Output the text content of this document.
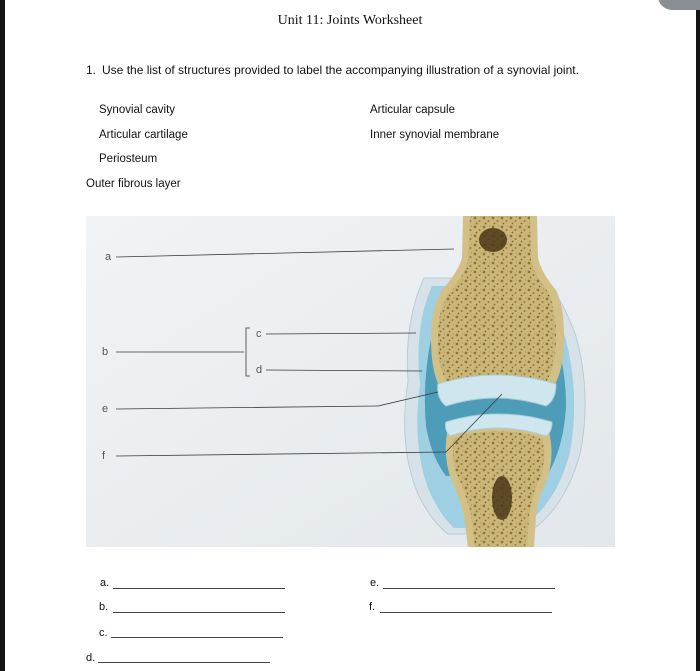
Unit 11: Joints Worksheet
1. Use the list of structures provided to label the accompanying illustration of a synovial joint.
Synovial cavity
Articular cartilage
Periosteum
Articular capsule
Inner synovial membrane
Outer fibrous layer
a
b
c
d
e
f
a.
b.
c.
d.
e.
f.
